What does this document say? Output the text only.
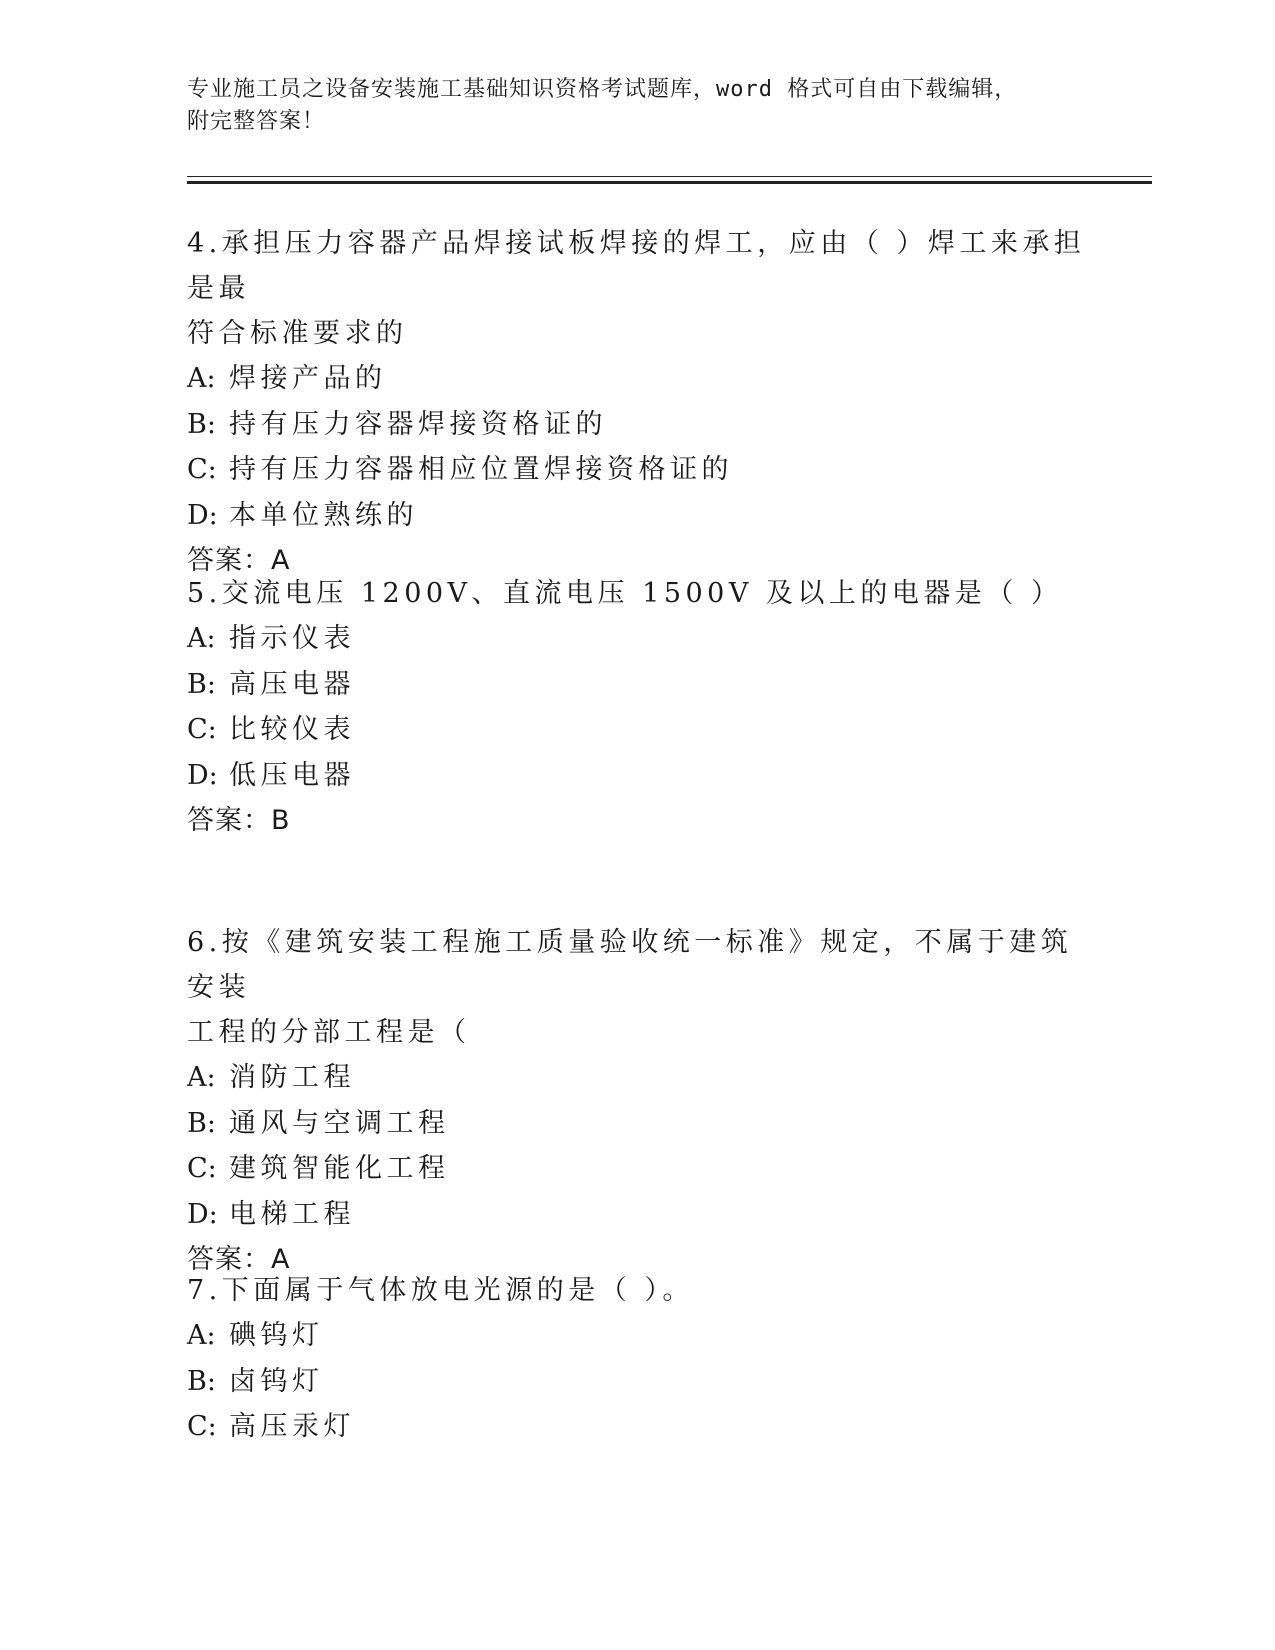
专业施工员之设备安装施工基础知识资格考试题库，word 格式可自由下载编辑，
附完整答案！

4.承担压力容器产品焊接试板焊接的焊工，应由（ ）焊工来承担是最

符合标准要求的

A: 焊接产品的

B: 持有压力容器焊接资格证的

C: 持有压力容器相应位置焊接资格证的

D: 本单位熟练的

答案：A

5.交流电压 1200V、直流电压 1500V 及以上的电器是（ ）

A: 指示仪表

B: 高压电器

C: 比较仪表

D: 低压电器

答案：B

6.按《建筑安装工程施工质量验收统一标准》规定，不属于建筑安装

工程的分部工程是（

A: 消防工程

B: 通风与空调工程

C: 建筑智能化工程

D: 电梯工程

答案：A

7.下面属于气体放电光源的是（ ）。

A: 碘钨灯

B: 卤钨灯

C: 高压汞灯
